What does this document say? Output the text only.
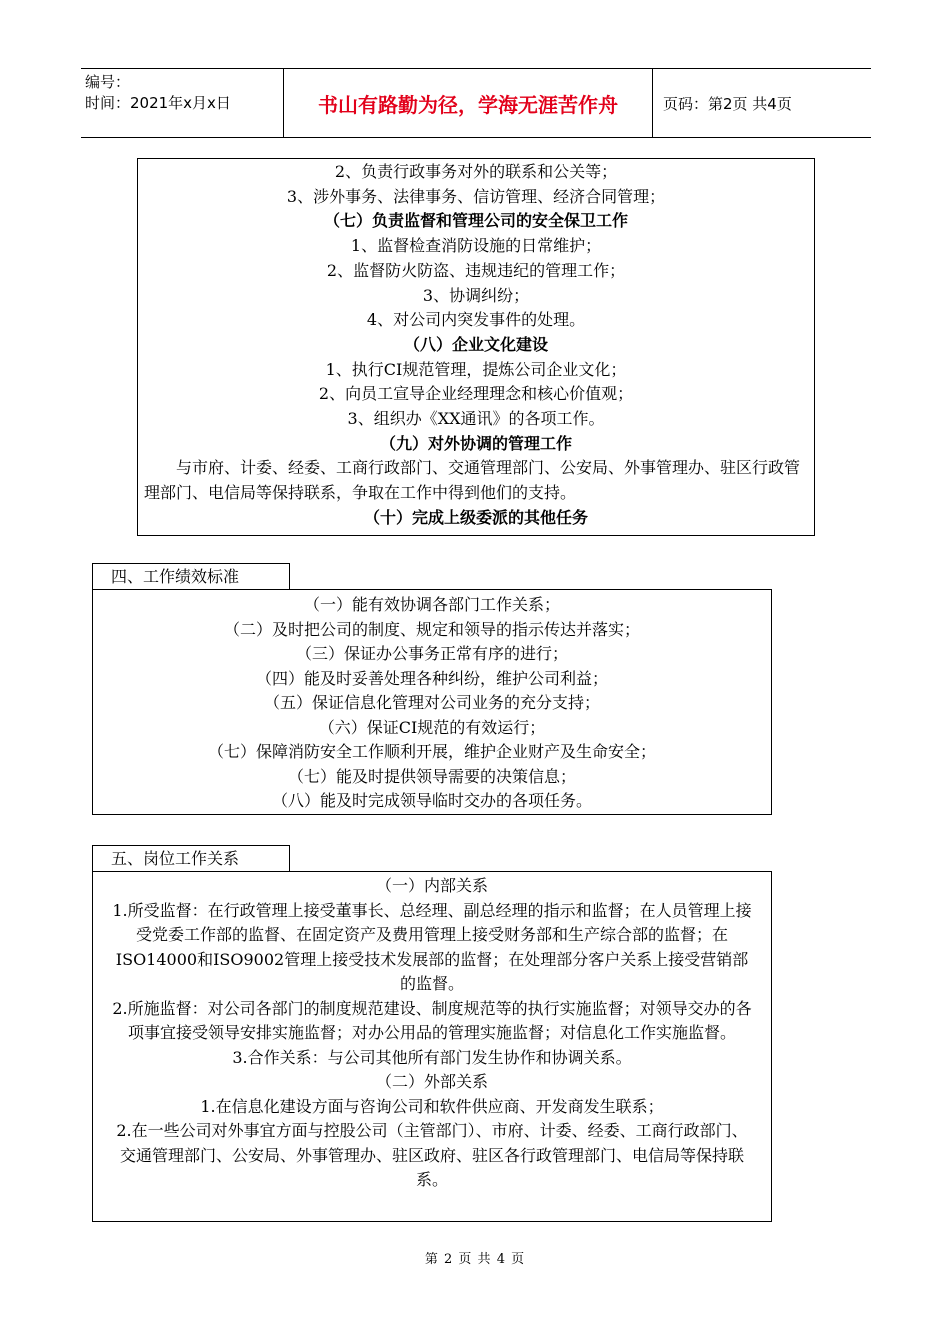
编号：
时间：2021年x月x日	书山有路勤为径，学海无涯苦作舟	页码：第2页 共4页
2、负责行政事务对外的联系和公关等；
3、涉外事务、法律事务、信访管理、经济合同管理；
（七）负责监督和管理公司的安全保卫工作
1、监督检查消防设施的日常维护；
2、监督防火防盗、违规违纪的管理工作；
3、协调纠纷；
4、对公司内突发事件的处理。
（八）企业文化建设
1、执行CI规范管理，提炼公司企业文化；
2、向员工宣导企业经理理念和核心价值观；
3、组织办《XX通讯》的各项工作。
（九）对外协调的管理工作
与市府、计委、经委、工商行政部门、交通管理部门、公安局、外事管理办、驻区行政管理部门、电信局等保持联系，争取在工作中得到他们的支持。
（十）完成上级委派的其他任务
四、工作绩效标准
（一）能有效协调各部门工作关系；
（二）及时把公司的制度、规定和领导的指示传达并落实；
（三）保证办公事务正常有序的进行；
（四）能及时妥善处理各种纠纷，维护公司利益；
（五）保证信息化管理对公司业务的充分支持；
（六）保证CI规范的有效运行；
（七）保障消防安全工作顺利开展，维护企业财产及生命安全；
（七）能及时提供领导需要的决策信息；
（八）能及时完成领导临时交办的各项任务。
五、岗位工作关系
（一）内部关系
1.所受监督：在行政管理上接受董事长、总经理、副总经理的指示和监督；在人员管理上接受党委工作部的监督、在固定资产及费用管理上接受财务部和生产综合部的监督；在ISO14000和ISO9002管理上接受技术发展部的监督；在处理部分客户关系上接受营销部的监督。
2.所施监督：对公司各部门的制度规范建设、制度规范等的执行实施监督；对领导交办的各项事宜接受领导安排实施监督；对办公用品的管理实施监督；对信息化工作实施监督。
3.合作关系：与公司其他所有部门发生协作和协调关系。
（二）外部关系
1.在信息化建设方面与咨询公司和软件供应商、开发商发生联系；
2.在一些公司对外事宜方面与控股公司（主管部门）、市府、计委、经委、工商行政部门、交通管理部门、公安局、外事管理办、驻区政府、驻区各行政管理部门、电信局等保持联系。
第 2 页 共 4 页
